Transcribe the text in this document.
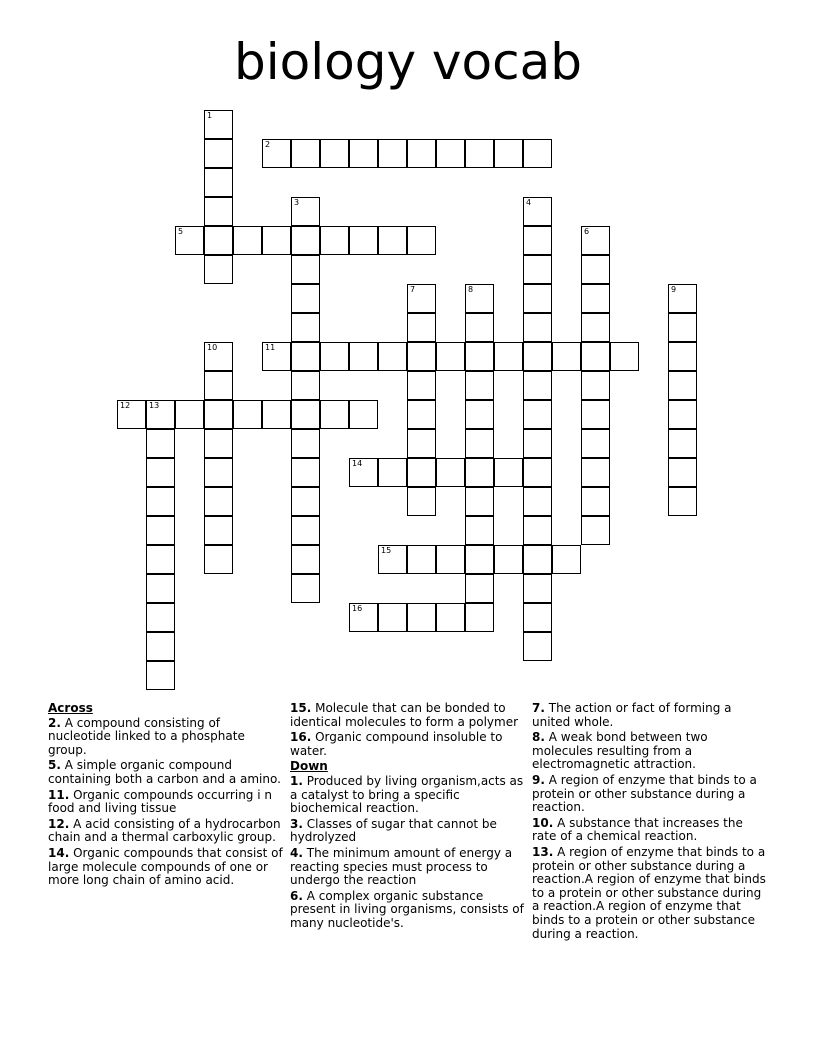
biology vocab
1
2
3	4
5	6
7	8	9
10	11
12 13
14
15
16
Across
2. A compound consisting of nucleotide linked to a phosphate group.
5. A simple organic compound containing both a carbon and a amino.
11. Organic compounds occurring i n food and living tissue
12. A acid consisting of a hydrocarbon chain and a thermal carboxylic group.
14. Organic compounds that consist of large molecule compounds of one or more long chain of amino acid.
15. Molecule that can be bonded to identical molecules to form a polymer
16. Organic compound insoluble to water.
Down
1. Produced by living organism,acts as a catalyst to bring a specific biochemical reaction.
3. Classes of sugar that cannot be hydrolyzed
4. The minimum amount of energy a reacting species must process to undergo the reaction
6. A complex organic substance present in living organisms, consists of many nucleotide's.
7. The action or fact of forming a united whole.
8. A weak bond between two molecules resulting from a electromagnetic attraction.
9. A region of enzyme that binds to a protein or other substance during a reaction.
10. A substance that increases the rate of a chemical reaction.
13. A region of enzyme that binds to a protein or other substance during a reaction.A region of enzyme that binds to a protein or other substance during a reaction.A region of enzyme that binds to a protein or other substance during a reaction.
